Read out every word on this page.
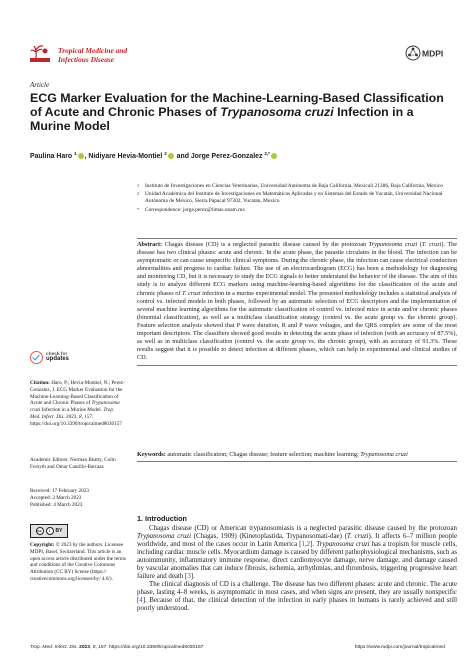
Tropical Medicine and
Infectious Disease
MDPI
Article
ECG Marker Evaluation for the Machine-Learning-Based Classification of Acute and Chronic Phases of Trypanosoma cruzi Infection in a Murine Model
Paulina Haro $^1$ , Nidiyare Hevia-Montiel $^2$ and Jorge Perez-Gonzalez $^{2,*}$
1 Instituto de Investigaciones en Ciencias Veterinarias, Universidad Autónoma de Baja California, Mexicali 21386, Baja California, Mexico
2 Unidad Académica del Instituto de Investigaciones en Matemáticas Aplicadas y en Sistemas del Estado de Yucatán, Universidad Nacional Autónoma de México, Sierra Papacal 97302, Yucatan, Mexico
* Correspondence: jorge.perez@iimas.unam.mx
Abstract: Chagas disease (CD) is a neglected parasitic disease caused by the protozoan Trypanosoma cruzi (T. cruzi). The disease has two clinical phases: acute and chronic. In the acute phase, the parasite circulates in the blood. The infection can be asymptomatic or can cause unspecific clinical symptoms. During the chronic phase, the infection can cause electrical conduction abnormalities and progress to cardiac failure. The use of an electrocardiogram (ECG) has been a methodology for diagnosing and monitoring CD, but it is necessary to study the ECG signals to better understand the behavior of the disease. The aim of this study is to analyze different ECG markers using machine-learning-based algorithms for the classification of the acute and chronic phases of T. cruzi infection in a murine experimental model. The presented methodology includes a statistical analysis of control vs. infected models in both phases, followed by an automatic selection of ECG descriptors and the implementation of several machine learning algorithms for the automatic classification of control vs. infected mice in acute and/or chronic phases (binomial classification), as well as a multiclass classification strategy (control vs. the acute group vs. the chronic group). Feature selection analysis showed that P wave duration, R and P wave voltages, and the QRS complex are some of the most important descriptors. The classifiers showed good results in detecting the acute phase of infection (with an accuracy of 87.5%), as well as in multiclass classification (control vs. the acute group vs. the chronic group), with an accuracy of 91.3%. These results suggest that it is possible to detect infection at different phases, which can help in experimental and clinical studies of CD.
Keywords: automatic classification; Chagas disease; feature selection; machine learning; Trypanosoma cruzi
check for
updates
Citation: Haro, P.; Hevia-Montiel, N.; Perez-Gonzalez, J. ECG Marker Evaluation for the Machine-Learning-Based Classification of Acute and Chronic Phases of Trypanosoma cruzi Infection in a Murine Model. Trop. Med. Infect. Dis. 2023, 8, 157. https://doi.org/10.3390/tropicalmed8030157
Academic Editors: Norman Beatty, Colin Forsyth and Omar Cantillo-Barraza
Received: 17 February 2023
Accepted: 2 March 2023
Published: 4 March 2023
cc	i	BY
Copyright: © 2023 by the authors. Licensee MDPI, Basel, Switzerland. This article is an open access article distributed under the terms and conditions of the Creative Commons Attribution (CC BY) license (https:// creativecommons.org/licenses/by/ 4.0/).
1. Introduction

Chagas disease (CD) or American trypanosomiasis is a neglected parasitic disease caused by the protozoan Trypanosoma cruzi (Chagas, 1909) (Kinetoplastida, Trypanosomati-dae) (T. cruzi). It affects 6–7 million people worldwide, and most of the cases occur in Latin America [1,2]. Trypanosoma cruzi has a tropism for muscle cells, including cardiac muscle cells. Myocardium damage is caused by different pathophysiological mechanisms, such as autoimmunity, inflammatory immune response, direct cardiomyocyte damage, nerve damage, and damage caused by vascular anomalies that can induce fibrosis, ischemia, arrhythmias, and thrombosis, triggering progressive heart failure and death [3].

The clinical diagnosis of CD is a challenge. The disease has two different phases: acute and chronic. The acute phase, lasting 4–8 weeks, is asymptomatic in most cases, and when signs are present, they are usually nonspecific [4]. Because of that, the clinical detection of the infection in early phases in humans is rarely achieved and still poorly understood.

Trop. Med. Infect. Dis. 2023, 8, 157. https://doi.org/10.3390/tropicalmed8030157	https://www.mdpi.com/journal/tropicalmed
